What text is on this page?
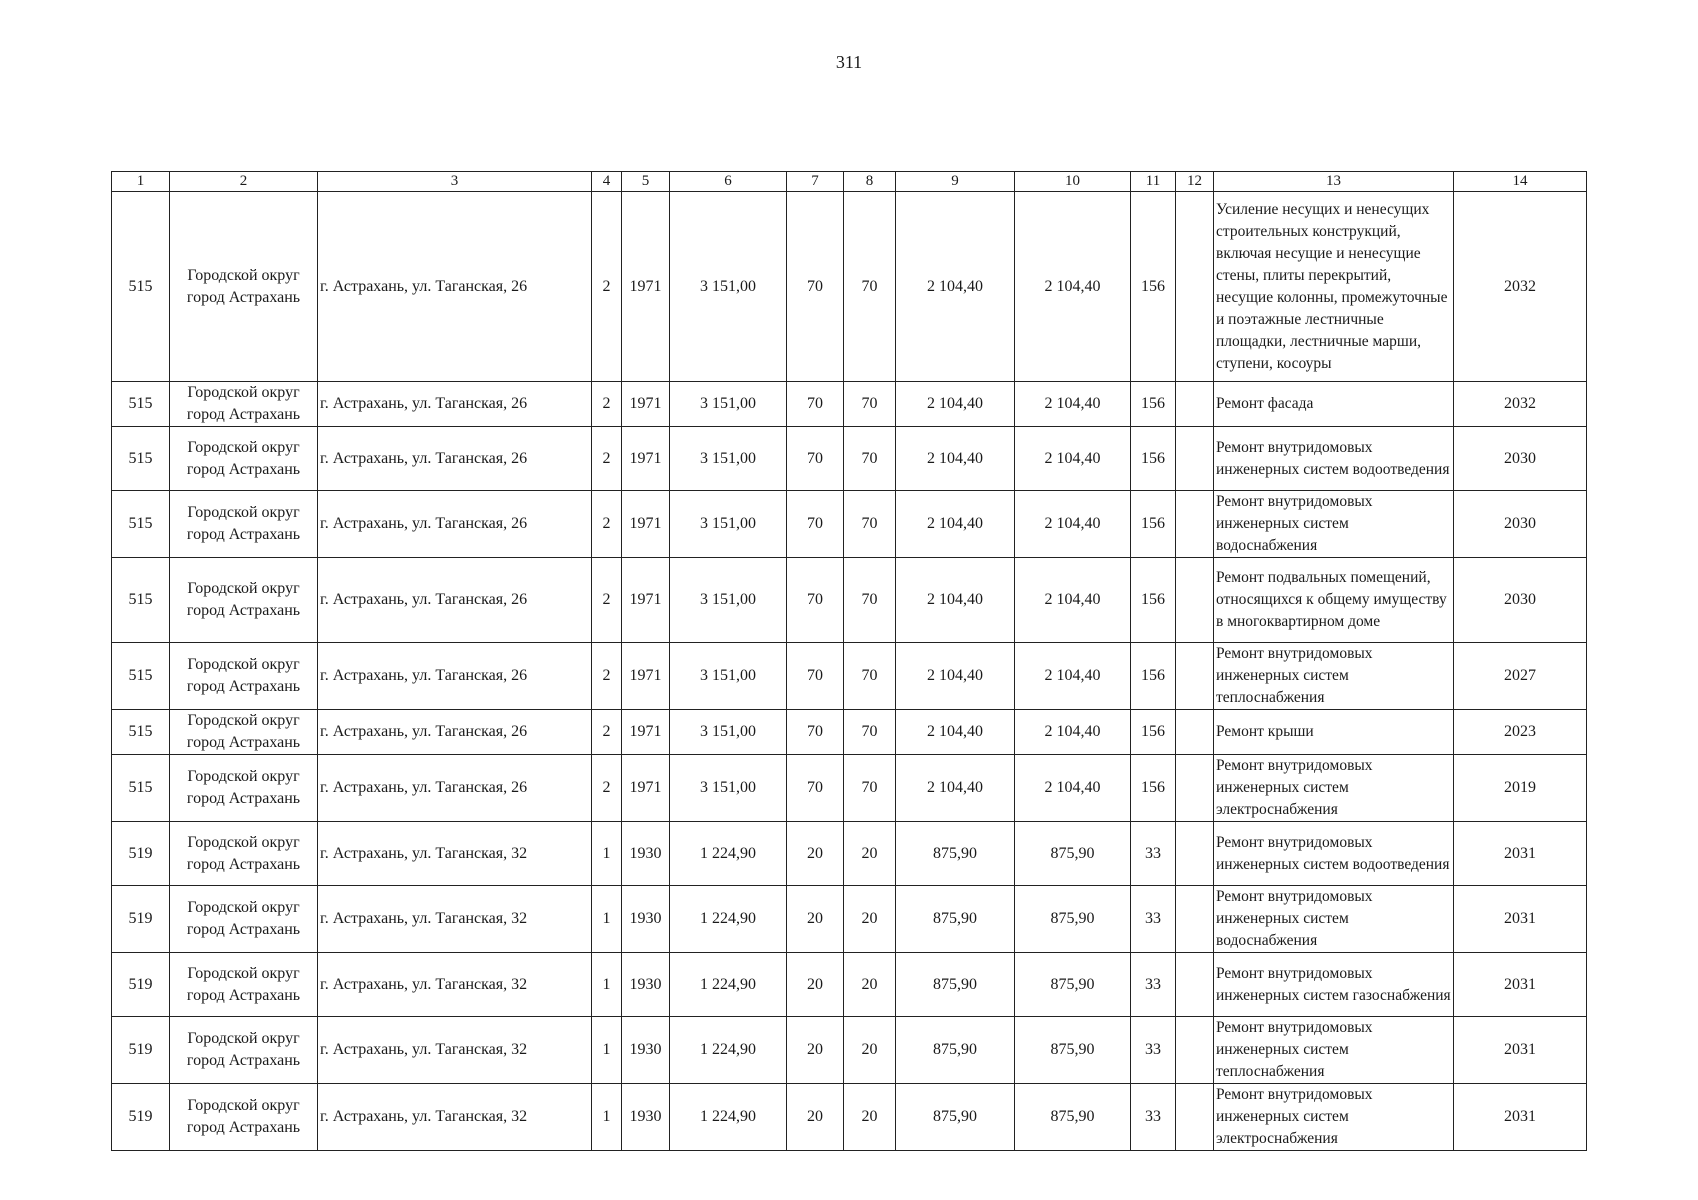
311
1	2	3	4	5	6	7	8	9	10	11	12	13	14
515	Городской округ город Астрахань	г. Астрахань, ул. Таганская, 26	2	1971	3 151,00	70	70	2 104,40	2 104,40	156		Усиление несущих и ненесущих строительных конструкций, включая несущие и ненесущие стены, плиты перекрытий, несущие колонны, промежуточные и поэтажные лестничные площадки, лестничные марши, ступени, косоуры	2032
515	Городской округ город Астрахань	г. Астрахань, ул. Таганская, 26	2	1971	3 151,00	70	70	2 104,40	2 104,40	156		Ремонт фасада	2032
515	Городской округ город Астрахань	г. Астрахань, ул. Таганская, 26	2	1971	3 151,00	70	70	2 104,40	2 104,40	156		Ремонт внутридомовых инженерных систем водоотведения	2030
515	Городской округ город Астрахань	г. Астрахань, ул. Таганская, 26	2	1971	3 151,00	70	70	2 104,40	2 104,40	156		Ремонт внутридомовых инженерных систем водоснабжения	2030
515	Городской округ город Астрахань	г. Астрахань, ул. Таганская, 26	2	1971	3 151,00	70	70	2 104,40	2 104,40	156		Ремонт подвальных помещений, относящихся к общему имуществу в многоквартирном доме	2030
515	Городской округ город Астрахань	г. Астрахань, ул. Таганская, 26	2	1971	3 151,00	70	70	2 104,40	2 104,40	156		Ремонт внутридомовых инженерных систем теплоснабжения	2027
515	Городской округ город Астрахань	г. Астрахань, ул. Таганская, 26	2	1971	3 151,00	70	70	2 104,40	2 104,40	156		Ремонт крыши	2023
515	Городской округ город Астрахань	г. Астрахань, ул. Таганская, 26	2	1971	3 151,00	70	70	2 104,40	2 104,40	156		Ремонт внутридомовых инженерных систем электроснабжения	2019
519	Городской округ город Астрахань	г. Астрахань, ул. Таганская, 32	1	1930	1 224,90	20	20	875,90	875,90	33		Ремонт внутридомовых инженерных систем водоотведения	2031
519	Городской округ город Астрахань	г. Астрахань, ул. Таганская, 32	1	1930	1 224,90	20	20	875,90	875,90	33		Ремонт внутридомовых инженерных систем водоснабжения	2031
519	Городской округ город Астрахань	г. Астрахань, ул. Таганская, 32	1	1930	1 224,90	20	20	875,90	875,90	33		Ремонт внутридомовых инженерных систем газоснабжения	2031
519	Городской округ город Астрахань	г. Астрахань, ул. Таганская, 32	1	1930	1 224,90	20	20	875,90	875,90	33		Ремонт внутридомовых инженерных систем теплоснабжения	2031
519	Городской округ город Астрахань	г. Астрахань, ул. Таганская, 32	1	1930	1 224,90	20	20	875,90	875,90	33		Ремонт внутридомовых инженерных систем электроснабжения	2031
